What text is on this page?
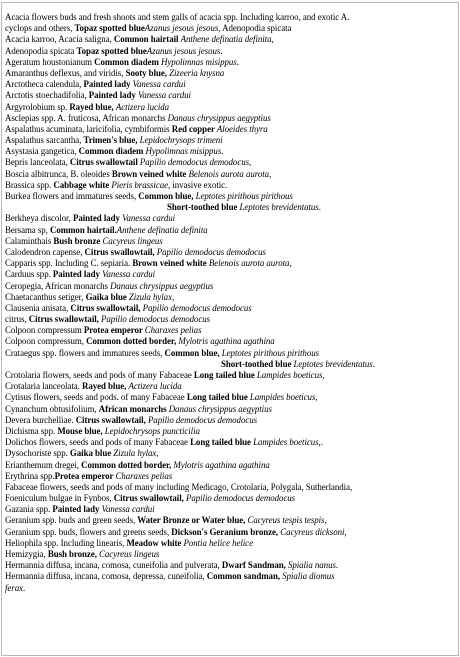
Acacia flowers buds and fresh shoots and stem galls of acacia spp. Including karroo, and exotic A.
cyclops and others, Topaz spotted blueAzanus jesous jesous, Adenopodia spicata
Acacia karroo, Acacia saligna, Common hairtail Anthene definatia definita,
Adenopodia spicata Topaz spotted blueAzanus jesous jesous.
Ageratum houstonianum Common diadem Hypolimnas misippus.
Amaranthus deflexus, and viridis, Sooty blue, Zizeeria knysna
Arctotheca calendula, Painted lady Vanessa cardui
Arctotis stoechadifolia, Painted lady Vanessa cardui
Argyrolobium sp. Rayed blue, Actizera lucida
Asclepias spp. A. fruticosa, African monarchs Danaus chrysippus aegyptius
Aspalathus acuminata, laricifolia, cymbiformis Red copper Aloeides thyra
Aspalathus sarcantha, Trimen's blue, Lepidochrysops trimeni
Asystasia gangetica, Common diadem Hypolimnas misippus.
Bepris lanceolata, Citrus swallowtail Papilio demodocus demodocus,
Boscia albitrunca, B. oleoides Brown veined white Belenois aurota aurota,
Brassica spp. Cabbage white Pieris brassicae, invasive exotic.
Burkea flowers and immatures seeds, Common blue, Leptotes pirithous pirithous
Short-toothed blue Leptotes brevidentatus.
Berkheya discolor, Painted lady Vanessa cardui
Bersama sp, Common hairtail.Anthene definatia definita
Calaminthais Bush bronze Cacyreus lingeus
Calodendron capense, Citrus swallowtail, Papilio demodocus demodocus
Capparis spp. Including C. sepiaria. Brown veined white Belenois aurota aurota,
Carduus spp. Painted lady Vanessa cardui
Ceropegia, African monarchs Danaus chrysippus aegyptius
Chaetacanthus setiger, Gaika blue Zizula hylax,
Clausenia anisata, Citrus swallowtail, Papilio demodocus demodocus
citrus, Citrus swallowtail, Papilio demodocus demodocus
Colpoon compressum Protea emperor Charaxes pelias
Colpoon compressum, Common dotted border, Mylotris agathina agathina
Crataegus spp. flowers and immatures seeds, Common blue, Leptotes pirithous pirithous
Short-toothed blue Leptotes brevidentatus.
Crotolaria flowers, seeds and pods of many Fabaceae Long tailed blue Lampides boeticus,
Crotalaria lanceolata. Rayed blue, Actizera lucida
Cytisus flowers, seeds and pods. of many Fabaceae Long tailed blue Lampides boeticus,
Cynanchum obtusifolium, African monarchs Danaus chrysippus aegyptius
Devera burchelliae. Citrus swallowtail, Papilio demodocus demodocus
Dichisma spp. Mouse blue, Lepidochrysops puncticilia
Dolichos flowers, seeds and pods of many Fabaceae Long tailed blue Lampides boeticus,.
Dysochoriste spp. Gaika blue Zizula hylax,
Erianthemum dregei, Common dotted border, Mylotris agathina agathina
Erythrina spp.Protea emperor Charaxes pelias
Fabaceae flowers, seeds and pods of many including Medicago, Crotolaria, Polygala, Sutherlandia,
Foeniculum bulgae in Fynbos, Citrus swallowtail, Papilio demodocus demodocus
Gazania spp. Painted lady Vanessa cardui
Geranium spp. buds and green seeds, Water Bronze or Water blue, Cacyreus tespis tespis,
Geranium spp. buds, flowers and greens seeds, Dickson's Geranium bronze, Cacyreus dicksoni,
Heliophila spp. Including linearis, Meadow white Pontia helice helice
Hemizygia, Bush bronze, Cacyreus lingeus
Hermannia diffusa, incana, comosa, cuneifolia and pulverata, Dwarf Sandman, Spialia nanus.
Hermannia diffusa, incana, comosa, depressa, cuneifolia, Common sandman, Spialia diomus
ferax.
